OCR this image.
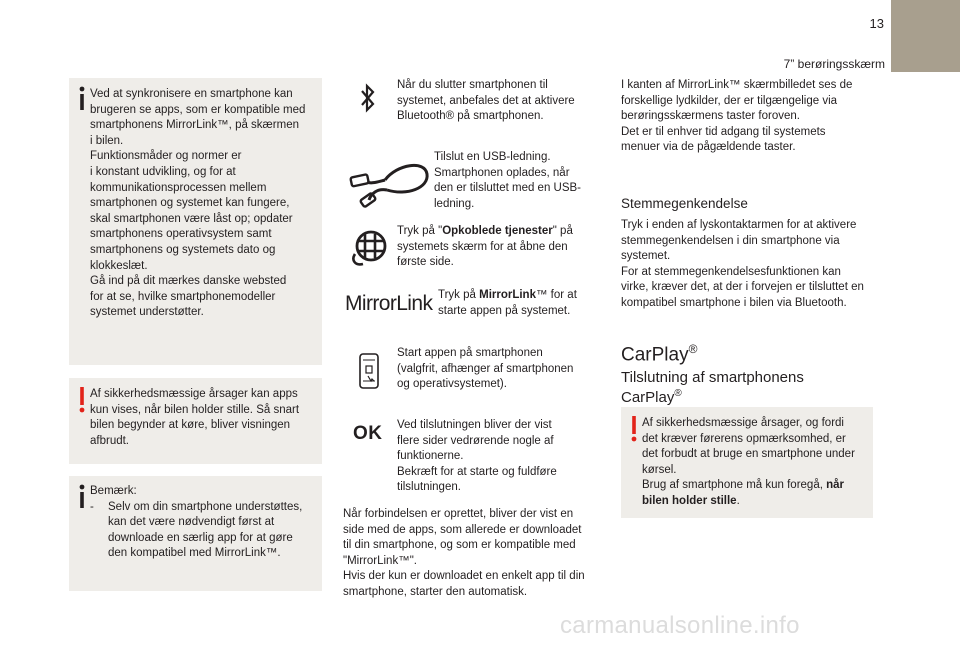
13
7” berøringsskærm

Ved at synkronisere en smartphone kan

brugeren se apps, som er kompatible med

smartphonens MirrorLink™, på skærmen

i bilen.

Funktionsmåder og normer er

i konstant udvikling, og for at

kommunikationsprocessen mellem

smartphonen og systemet kan fungere,

skal smartphonen være låst op; opdater

smartphonens operativsystem samt

smartphonens og systemets dato og

klokkeslæt.

Gå ind på dit mærkes danske websted

for at se, hvilke smartphonemodeller

systemet understøtter.

Af sikkerhedsmæssige årsager kan apps

kun vises, når bilen holder stille. Så snart

bilen begynder at køre, bliver visningen

afbrudt.

Bemærk:

-	Selv om din smartphone understøttes,

kan det være nødvendigt først at

downloade en særlig app for at gøre

den kompatibel med MirrorLink™.

Når du slutter smartphonen til
systemet, anbefales det at aktivere
Bluetooth® på smartphonen.
Tilslut en USB-ledning.
Smartphonen oplades, når
den er tilsluttet med en USB-
ledning.
Tryk på "Opkoblede tjenester" på
systemets skærm for at åbne den
første side.
MirrorLink Tryk på MirrorLink™ for at
starte appen på systemet.
Start appen på smartphonen
(valgfrit, afhænger af smartphonen
og operativsystemet).
OK Ved tilslutningen bliver der vist
flere sider vedrørende nogle af
funktionerne.
Bekræft for at starte og fuldføre
tilslutningen.

Når forbindelsen er oprettet, bliver der vist en

side med de apps, som allerede er downloadet

til din smartphone, og som er kompatible med

"MirrorLink™".

Hvis der kun er downloadet en enkelt app til din

smartphone, starter den automatisk.

I kanten af MirrorLink™ skærmbilledet ses de

forskellige lydkilder, der er tilgængelige via

berøringsskærmens taster foroven.

Det er til enhver tid adgang til systemets

menuer via de pågældende taster.

Stemmegenkendelse

Tryk i enden af lyskontaktarmen for at aktivere

stemmegenkendelsen i din smartphone via

systemet.

For at stemmegenkendelsesfunktionen kan

virke, kræver det, at der i forvejen er tilsluttet en

kompatibel smartphone i bilen via Bluetooth.

CarPlay®
Tilslutning af smartphonens
CarPlay®

Af sikkerhedsmæssige årsager, og fordi

det kræver førerens opmærksomhed, er

det forbudt at bruge en smartphone under

kørsel.

Brug af smartphone må kun foregå, når

bilen holder stille.

carmanualsonline.info
